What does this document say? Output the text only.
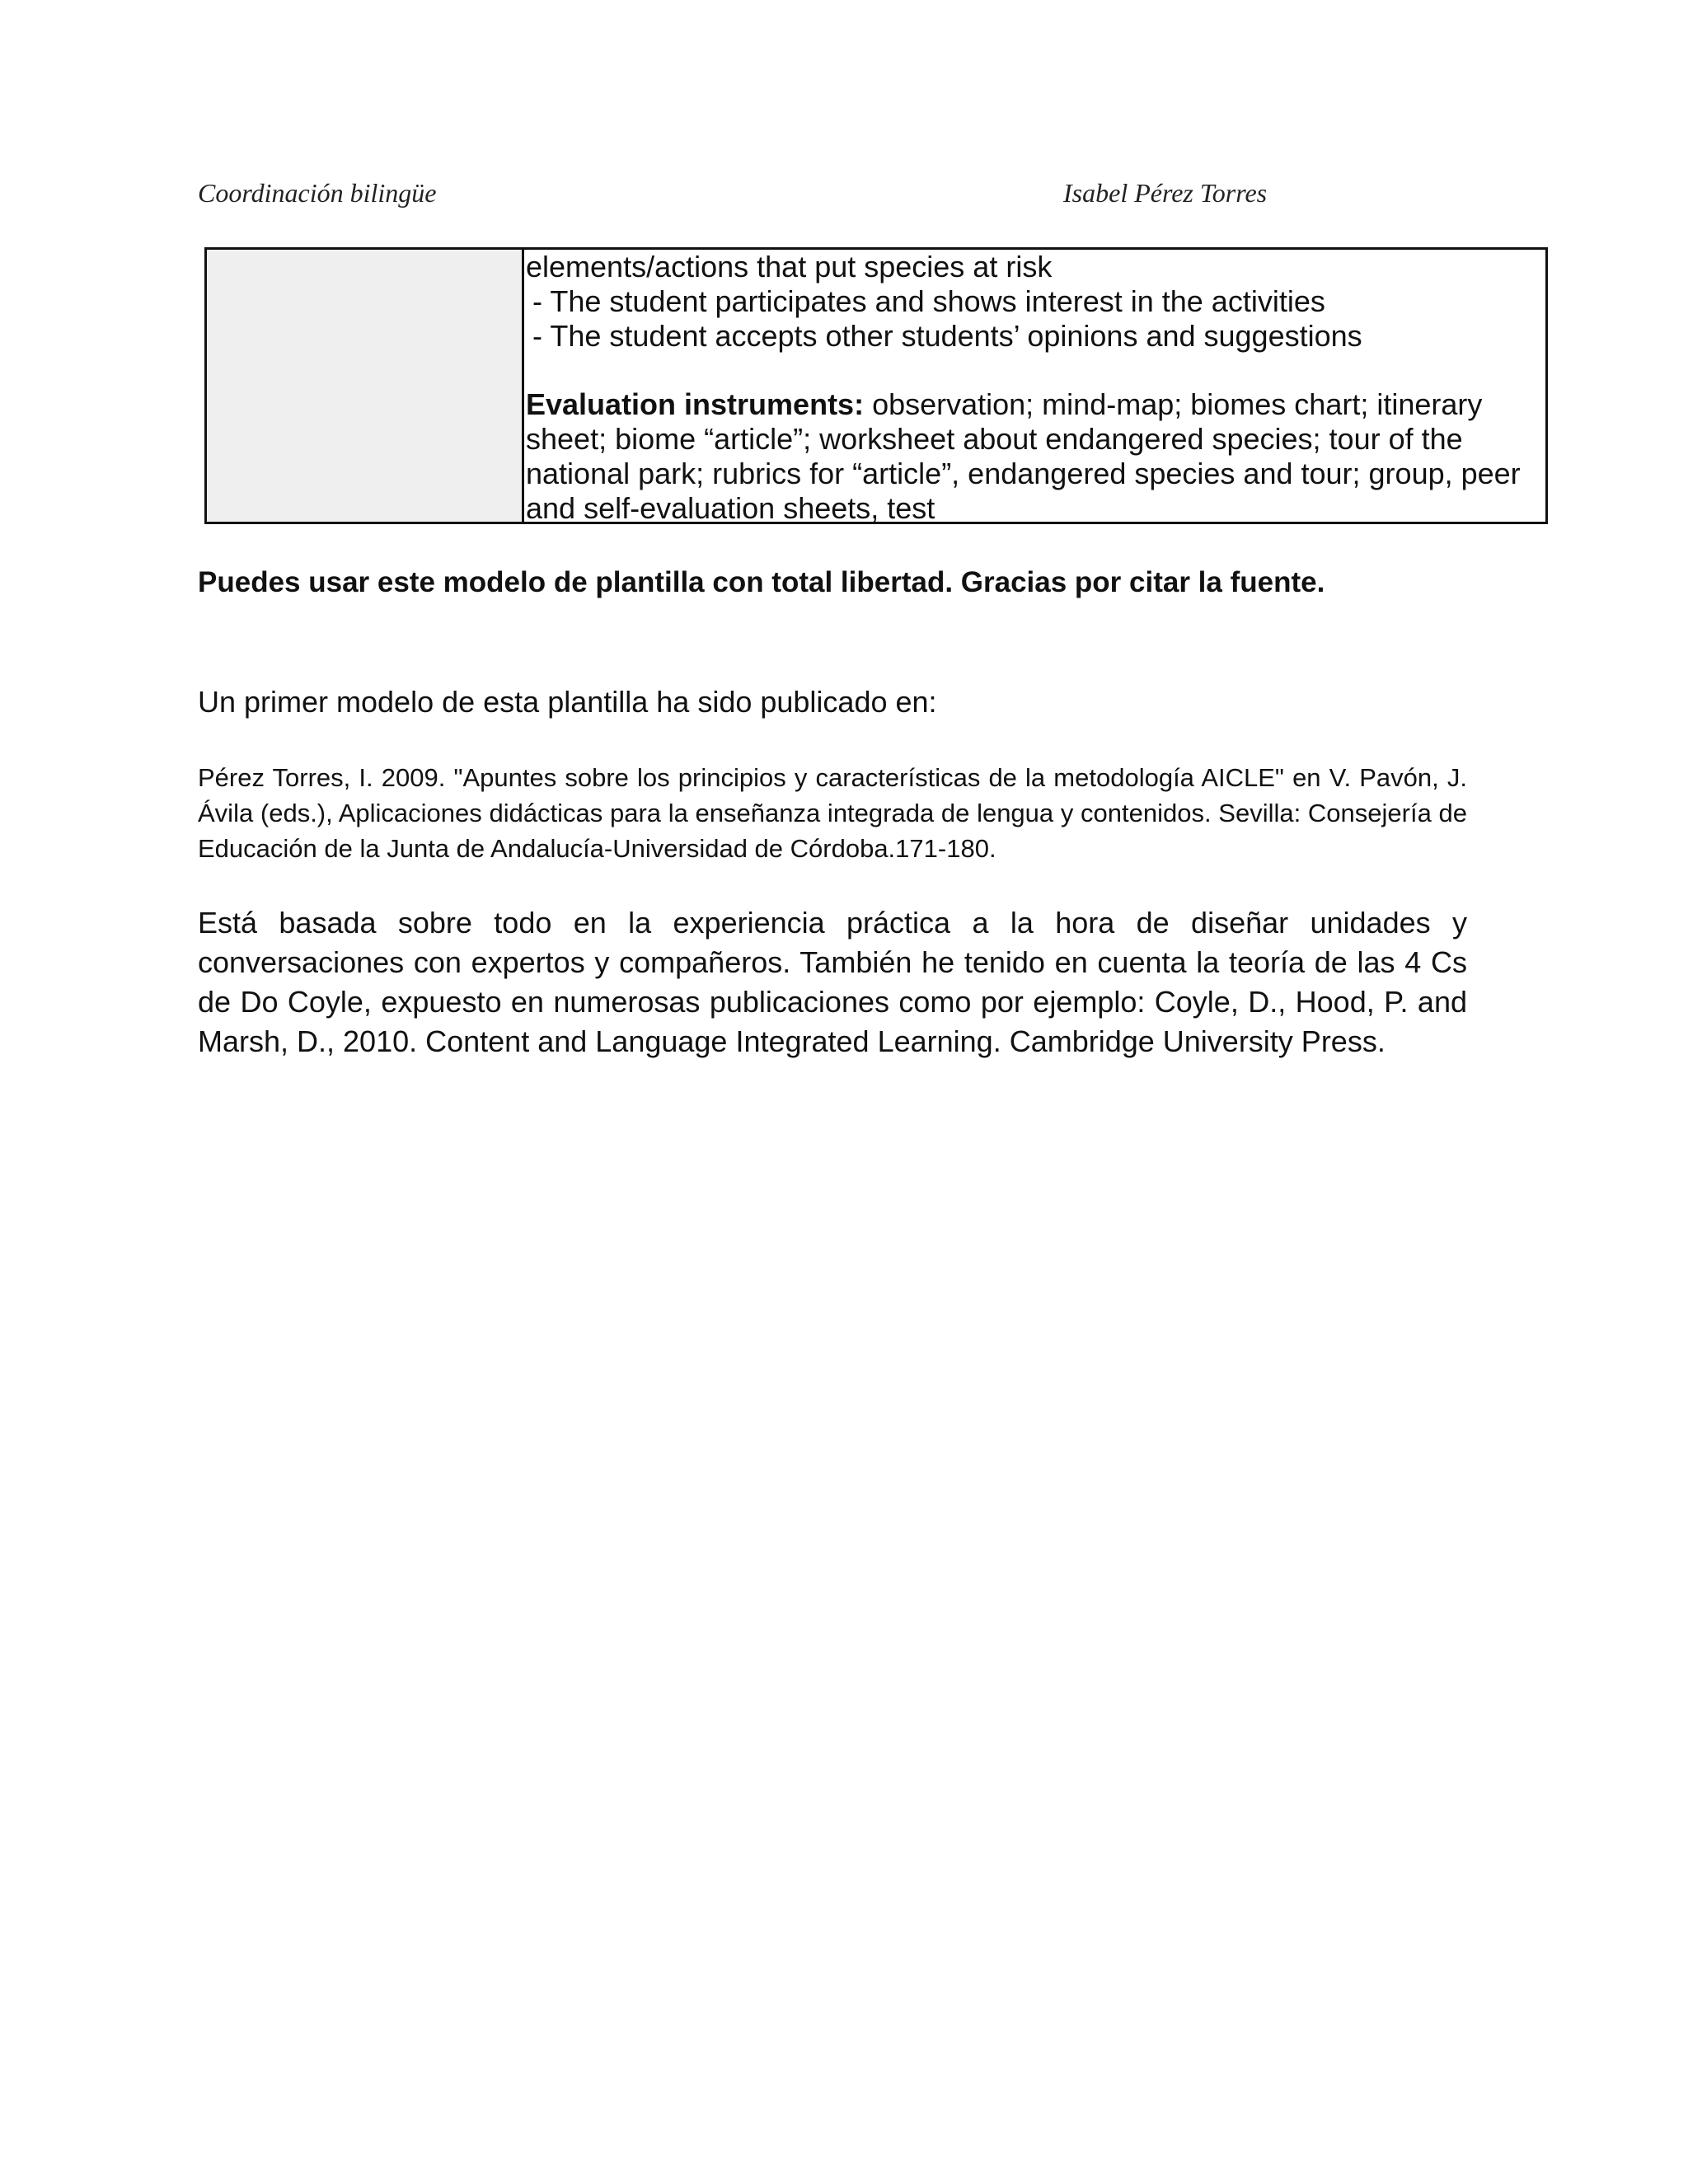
Coordinación bilingüe	Isabel Pérez Torres

elements/actions that put species at risk

- The student participates and shows interest in the activities

- The student accepts other students’ opinions and suggestions

Evaluation instruments: observation; mind-map; biomes chart; itinerary sheet; biome “article”; worksheet about endangered species; tour of the national park; rubrics for “article”, endangered species and tour; group, peer and self-evaluation sheets, test

Puedes usar este modelo de plantilla con total libertad. Gracias por citar la fuente.
Un primer modelo de esta plantilla ha sido publicado en:

Pérez Torres, I. 2009. "Apuntes sobre los principios y características de la metodología AICLE" en V. Pavón, J. Ávila (eds.), Aplicaciones didácticas para la enseñanza integrada de lengua y contenidos. Sevilla: Consejería de Educación de la Junta de Andalucía-Universidad de Córdoba.171-180.

Está basada sobre todo en la experiencia práctica a la hora de diseñar unidades y conversaciones con expertos y compañeros. También he tenido en cuenta la teoría de las 4 Cs de Do Coyle, expuesto en numerosas publicaciones como por ejemplo: Coyle, D., Hood, P. and Marsh, D., 2010. Content and Language Integrated Learning. Cambridge University Press.
